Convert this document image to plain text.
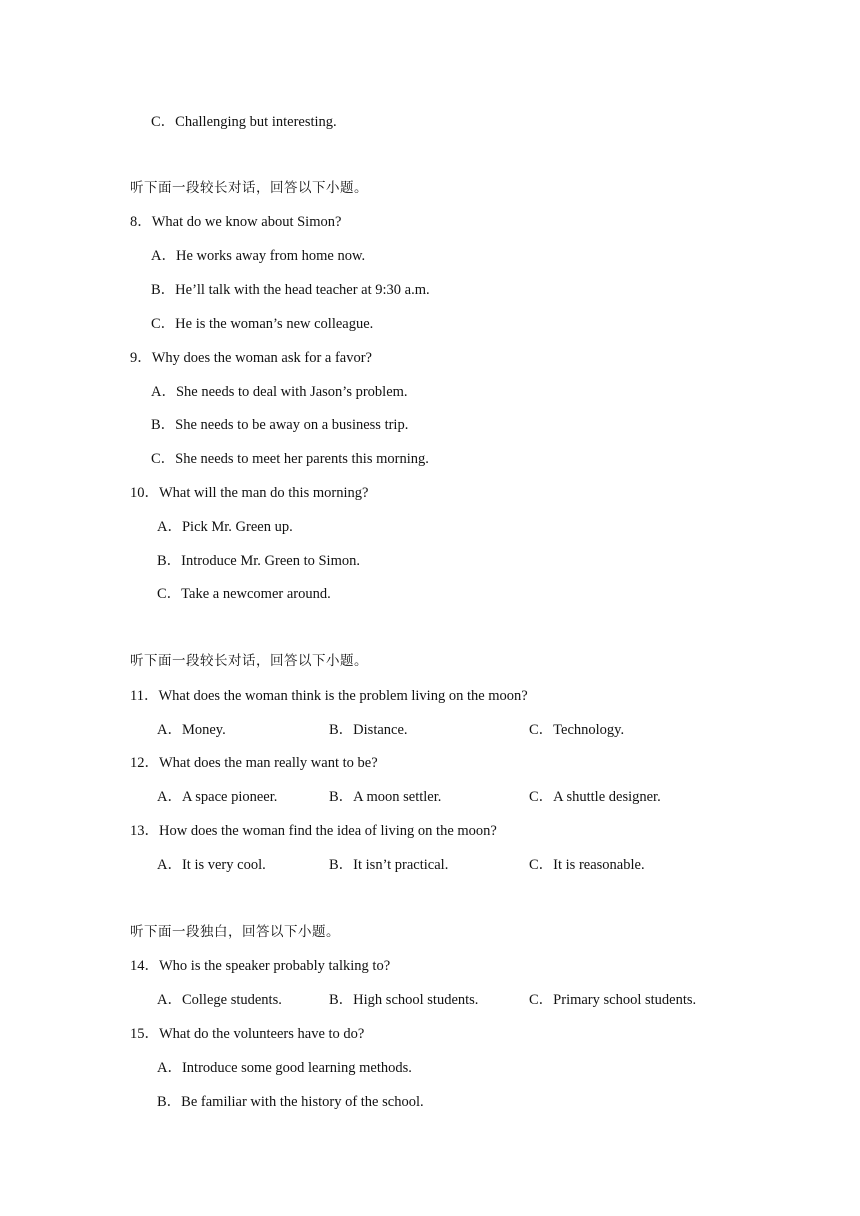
C．Challenging but interesting.
听下面一段较长对话，回答以下小题。
8．What do we know about Simon?
A．He works away from home now.
B．He’ll talk with the head teacher at 9:30 a.m.
C．He is the woman’s new colleague.
9．Why does the woman ask for a favor?
A．She needs to deal with Jason’s problem.
B．She needs to be away on a business trip.
C．She needs to meet her parents this morning.
10．What will the man do this morning?
A．Pick Mr. Green up.
B．Introduce Mr. Green to Simon.
C．Take a newcomer around.
听下面一段较长对话，回答以下小题。
11．What does the woman think is the problem living on the moon?
A．Money.	B．Distance.	C．Technology.
12．What does the man really want to be?
A．A space pioneer.	B．A moon settler.	C．A shuttle designer.
13．How does the woman find the idea of living on the moon?
A．It is very cool.	B．It isn’t practical.	C．It is reasonable.
听下面一段独白，回答以下小题。
14．Who is the speaker probably talking to?
A．College students.	B．High school students.	C．Primary school students.
15．What do the volunteers have to do?
A．Introduce some good learning methods.
B．Be familiar with the history of the school.
